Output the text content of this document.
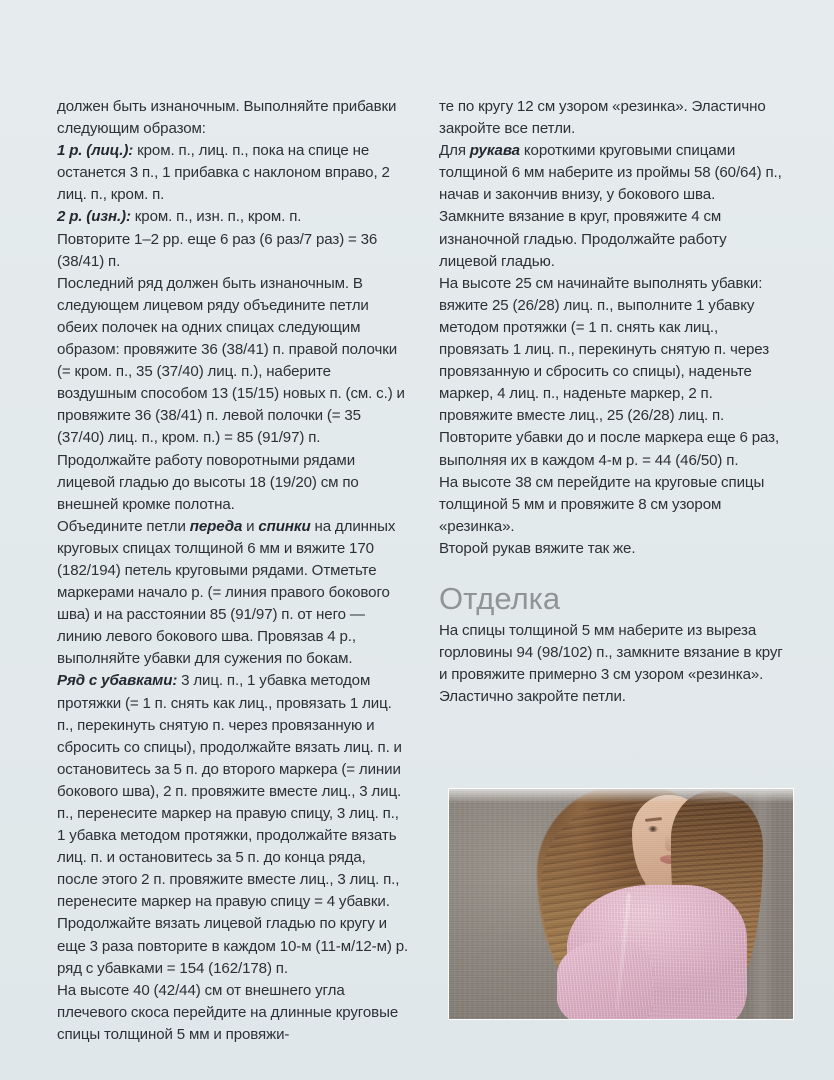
должен быть изнаночным. Выполняйте прибавки следующим образом:

1 р. (лиц.): кром. п., лиц. п., пока на спице не останется 3 п., 1 прибавка с наклоном вправо, 2 лиц. п., кром. п.

2 р. (изн.): кром. п., изн. п., кром. п.

Повторите 1–2 рр. еще 6 раз (6 раз/7 раз) = 36 (38/41) п.

Последний ряд должен быть изнаночным. В следующем лицевом ряду объедините петли обеих полочек на одних спицах следующим образом: провяжите 36 (38/41) п. правой полочки (= кром. п., 35 (37/40) лиц. п.), наберите воздушным способом 13 (15/15) новых п. (см. с.) и провяжите 36 (38/41) п. левой полочки (= 35 (37/40) лиц. п., кром. п.) = 85 (91/97) п. Продолжайте работу поворотными рядами лицевой гладью до высоты 18 (19/20) см по внешней кромке полотна.

Объедините петли переда и спинки на длинных круговых спицах толщиной 6 мм и вяжите 170 (182/194) петель круговыми рядами. Отметьте маркерами начало р. (= линия правого бокового шва) и на расстоянии 85 (91/97) п. от него — линию левого бокового шва. Провязав 4 р., выполняйте убавки для сужения по бокам.

Ряд с убавками: 3 лиц. п., 1 убавка методом протяжки (= 1 п. снять как лиц., провязать 1 лиц. п., перекинуть снятую п. через провязанную и сбросить со спицы), продолжайте вязать лиц. п. и остановитесь за 5 п. до второго маркера (= линии бокового шва), 2 п. провяжите вместе лиц., 3 лиц. п., перенесите маркер на правую спицу, 3 лиц. п., 1 убавка методом протяжки, продолжайте вязать лиц. п. и остановитесь за 5 п. до конца ряда, после этого 2 п. провяжите вместе лиц., 3 лиц. п., перенесите маркер на правую спицу = 4 убавки.

Продолжайте вязать лицевой гладью по кругу и еще 3 раза повторите в каждом 10-м (11-м/12-м) р. ряд с убавками = 154 (162/178) п.

На высоте 40 (42/44) см от внешнего угла плечевого скоса перейдите на длинные круговые спицы толщиной 5 мм и провяжи-

те по кругу 12 см узором «резинка». Эластично закройте все петли.

Для рукава короткими круговыми спицами толщиной 6 мм наберите из проймы 58 (60/64) п., начав и закончив внизу, у бокового шва. Замкните вязание в круг, провяжите 4 см изнаночной гладью. Продолжайте работу лицевой гладью.

На высоте 25 см начинайте выполнять убавки:

вяжите 25 (26/28) лиц. п., выполните 1 убавку методом протяжки (= 1 п. снять как лиц., провязать 1 лиц. п., перекинуть снятую п. через провязанную и сбросить со спицы), наденьте маркер, 4 лиц. п., наденьте маркер, 2 п. провяжите вместе лиц., 25 (26/28) лиц. п.

Повторите убавки до и после маркера еще 6 раз, выполняя их в каждом 4-м р. = 44 (46/50) п.

На высоте 38 см перейдите на круговые спицы толщиной 5 мм и провяжите 8 см узором «резинка».

Второй рукав вяжите так же.

Отделка

На спицы толщиной 5 мм наберите из выреза горловины 94 (98/102) п., замкните вязание в круг и провяжите примерно 3 см узором «резинка». Эластично закройте петли.
